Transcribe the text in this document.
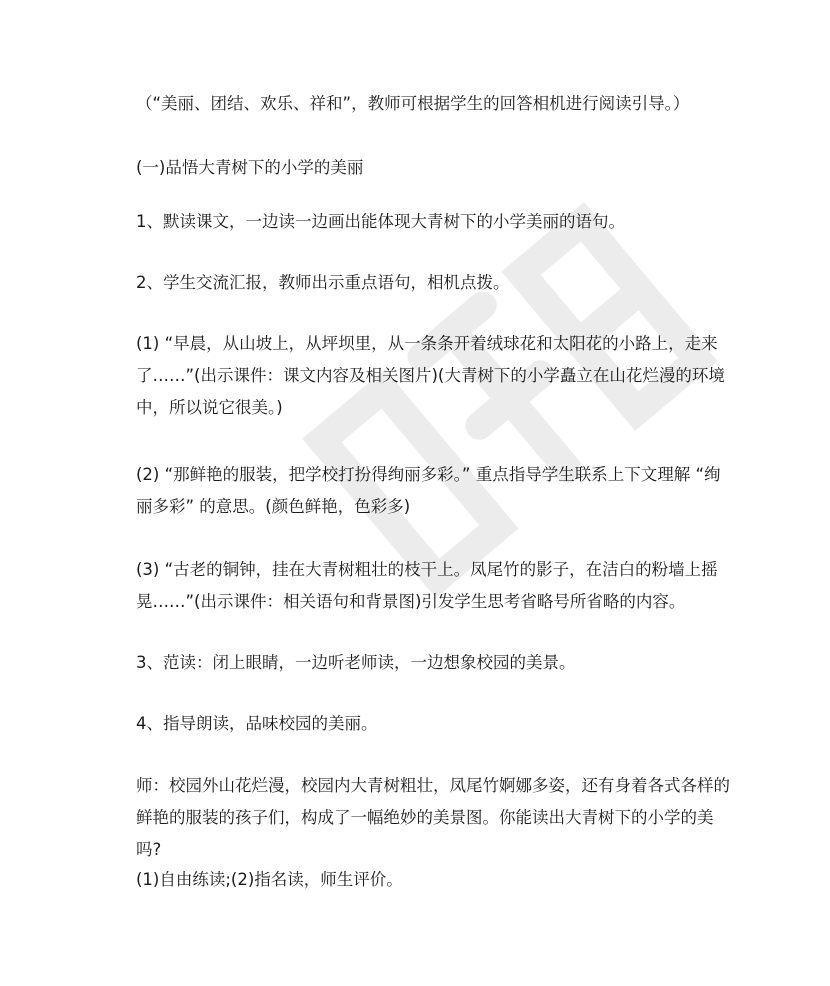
（“美丽、团结、欢乐、祥和”，教师可根据学生的回答相机进行阅读引导。）

(一)品悟大青树下的小学的美丽

1、默读课文，一边读一边画出能体现大青树下的小学美丽的语句。

2、学生交流汇报，教师出示重点语句，相机点拨。

(1) “早晨，从山坡上，从坪坝里，从一条条开着绒球花和太阳花的小路上，走来了……”(出示课件：课文内容及相关图片)(大青树下的小学矗立在山花烂漫的环境中，所以说它很美。)

(2) “那鲜艳的服装，把学校打扮得绚丽多彩。” 重点指导学生联系上下文理解 “绚丽多彩” 的意思。(颜色鲜艳，色彩多)

(3) “古老的铜钟，挂在大青树粗壮的枝干上。凤尾竹的影子，在洁白的粉墙上摇晃……”(出示课件：相关语句和背景图)引发学生思考省略号所省略的内容。

3、范读：闭上眼睛，一边听老师读，一边想象校园的美景。

4、指导朗读，品味校园的美丽。

师：校园外山花烂漫，校园内大青树粗壮，凤尾竹婀娜多姿，还有身着各式各样的鲜艳的服装的孩子们，构成了一幅绝妙的美景图。你能读出大青树下的小学的美吗?

(1)自由练读;(2)指名读，师生评价。
